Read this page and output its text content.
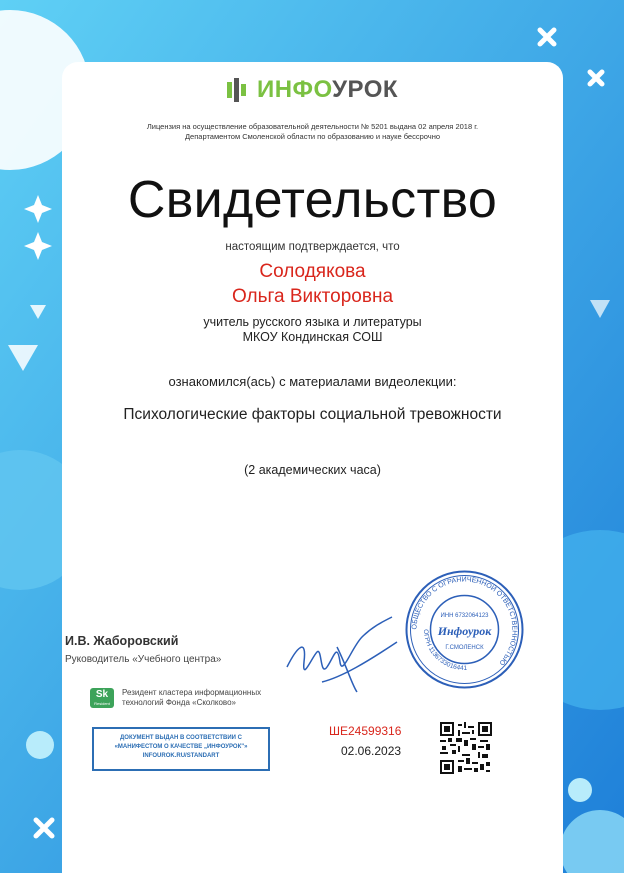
ИНФОУРОК
Лицензия на осуществление образовательной деятельности № 5201 выдана 02 апреля 2018 г.
Департаментом Смоленской области по образованию и науке бессрочно
Свидетельство
настоящим подтверждается, что
Солодякова
Ольга Викторовна
учитель русского языка и литературы
МКОУ Кондинская СОШ
ознакомился(ась) с материалами видеолекции:
Психологические факторы социальной тревожности
(2 академических часа)
И.В. Жаборовский
Руководитель «Учебного центра»
ОБЩЕСТВО С ОГРАНИЧЕННОЙ ОТВЕТСТВЕННОСТЬЮ
ОГРН 1136733016441
ИНН 6732064123
Инфоурок
Г.СМОЛЕНСК
Sk
Resident
Резидент кластера информационных
технологий Фонда «Сколково»
ДОКУМЕНТ ВЫДАН В СООТВЕТСТВИИ С
«МАНИФЕСТОМ О КАЧЕСТВЕ „ИНФОУРОК"»
INFOUROK.RU/STANDART
ШЕ24599316
02.06.2023
